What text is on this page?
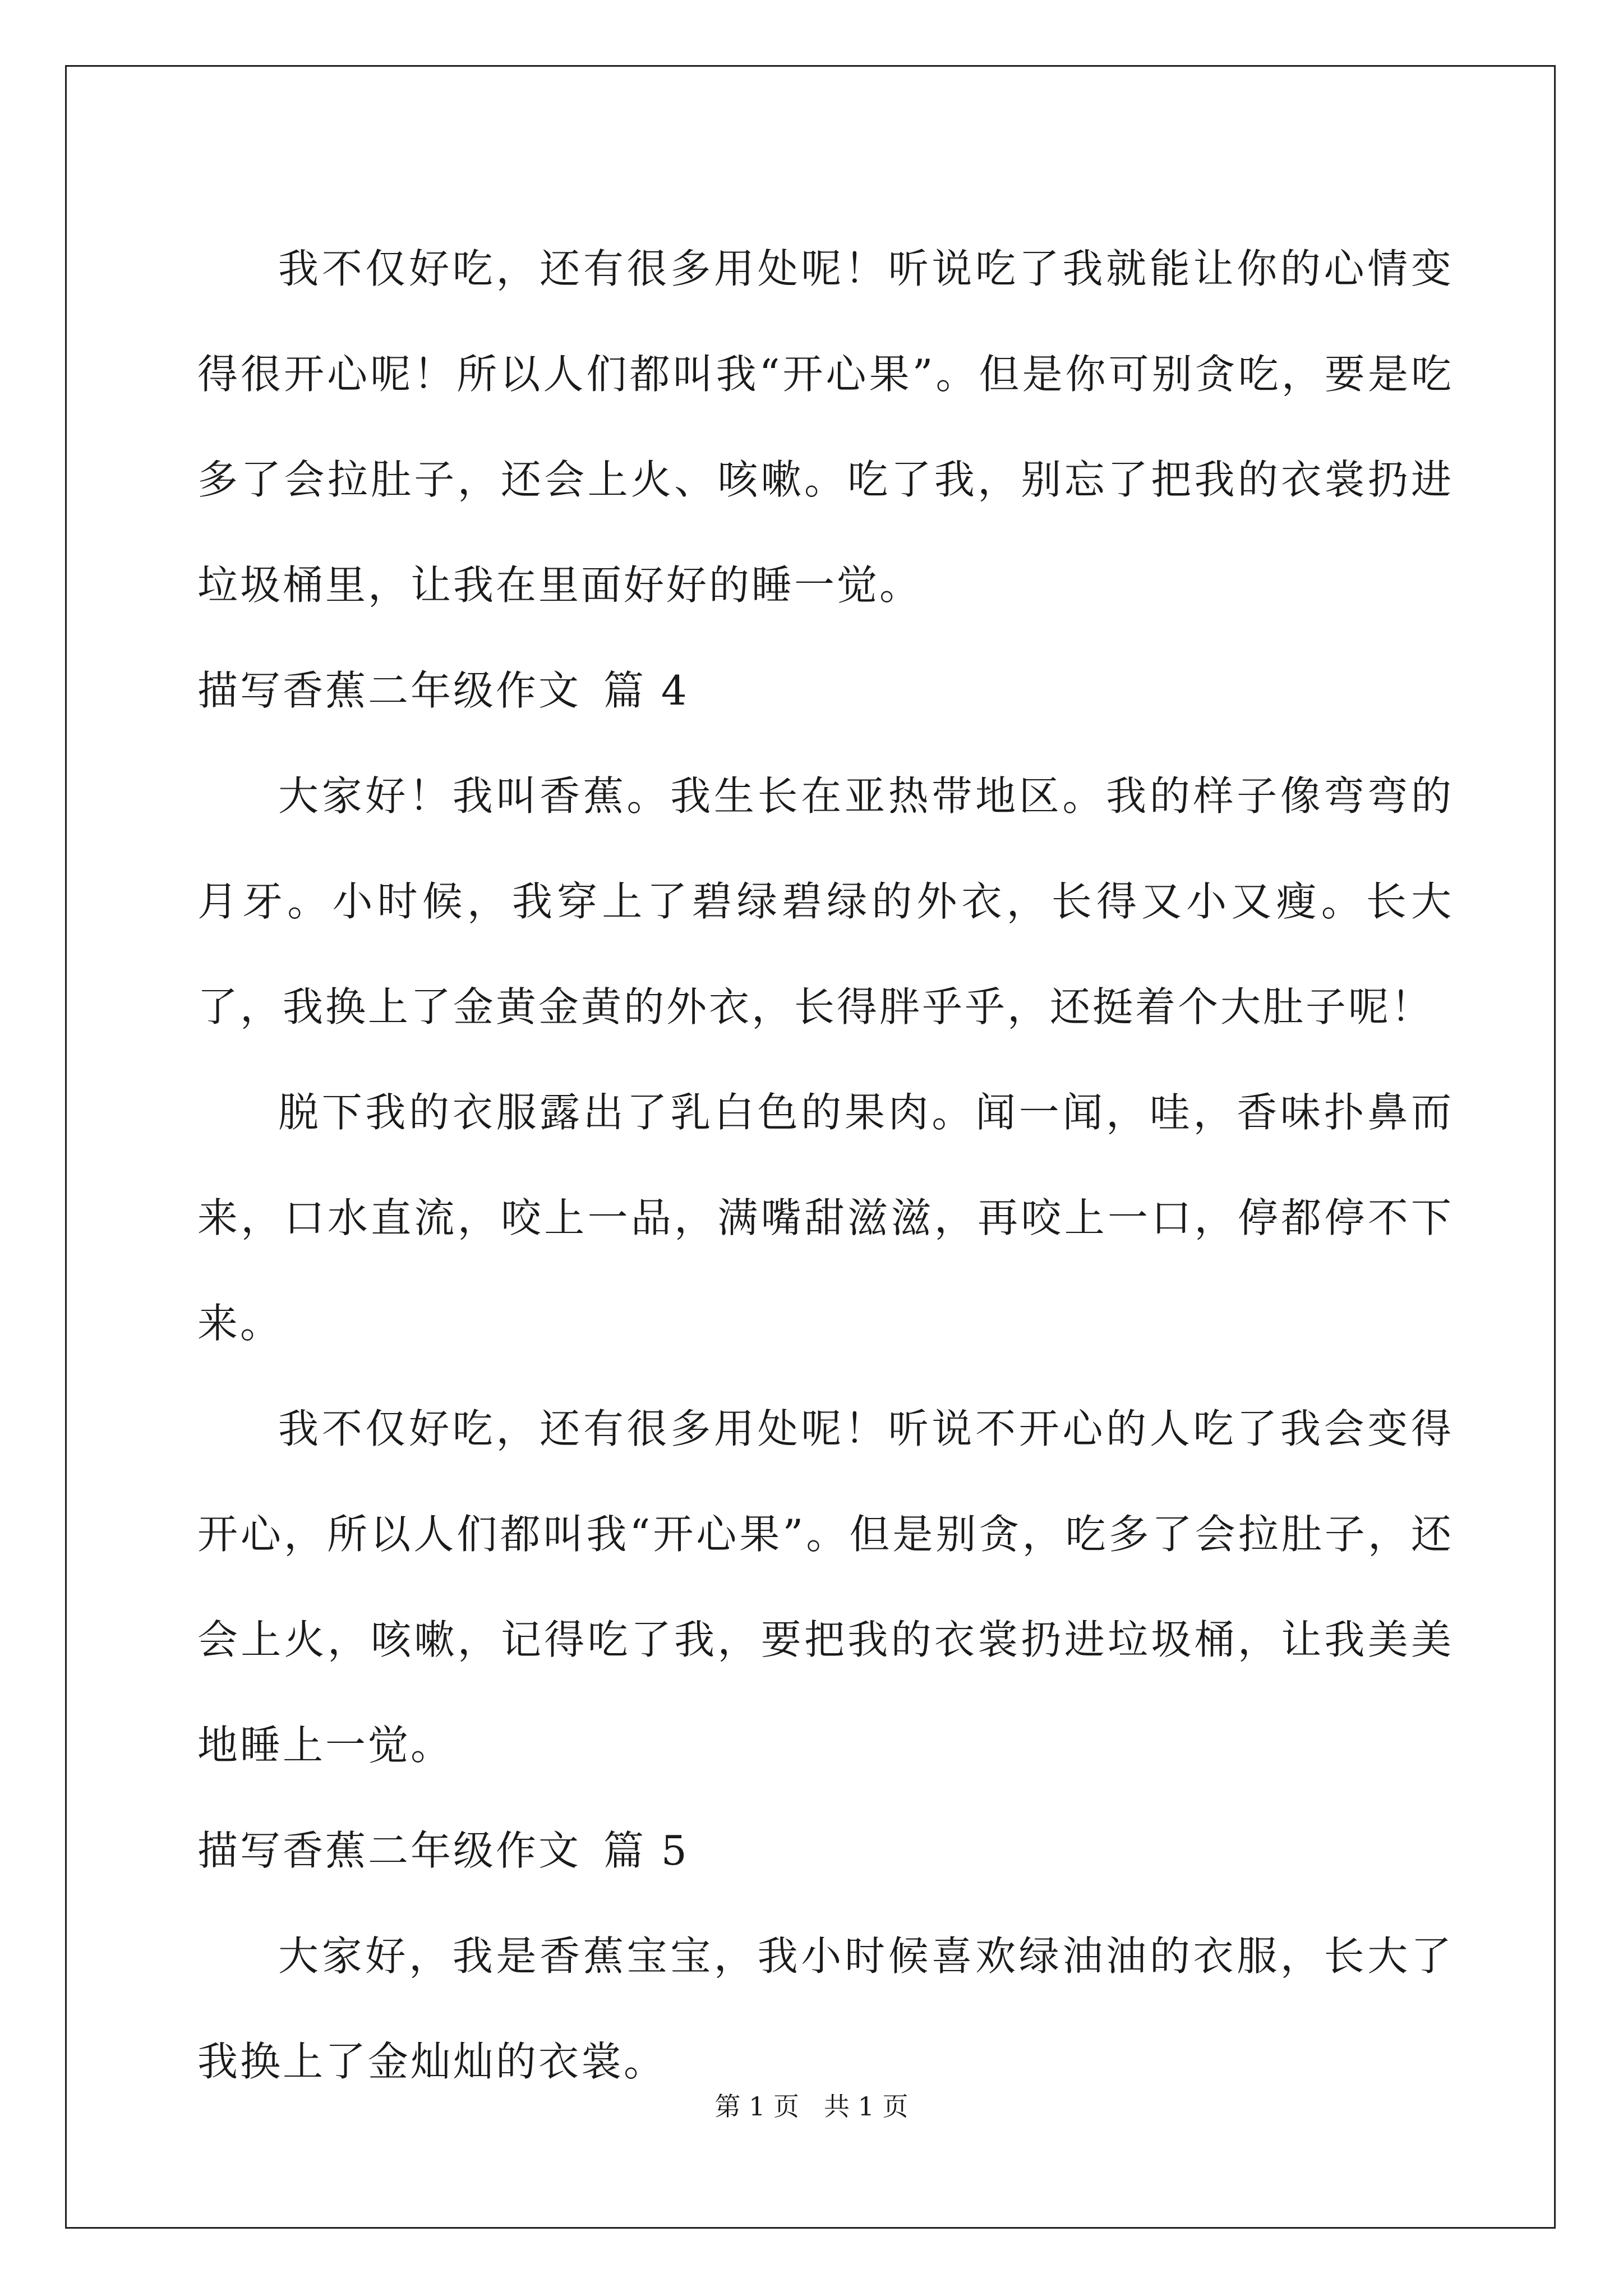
我不仅好吃，还有很多用处呢！听说吃了我就能让你的心情变得很开心呢！所以人们都叫我“开心果”。但是你可别贪吃，要是吃多了会拉肚子，还会上火、咳嗽。吃了我，别忘了把我的衣裳扔进垃圾桶里，让我在里面好好的睡一觉。

描写香蕉二年级作文 篇 4

大家好！我叫香蕉。我生长在亚热带地区。我的样子像弯弯的月牙。小时候，我穿上了碧绿碧绿的外衣，长得又小又瘦。长大了，我换上了金黄金黄的外衣，长得胖乎乎，还挺着个大肚子呢！

脱下我的衣服露出了乳白色的果肉。闻一闻，哇，香味扑鼻而来，口水直流，咬上一品，满嘴甜滋滋，再咬上一口，停都停不下来。

我不仅好吃，还有很多用处呢！听说不开心的人吃了我会变得开心，所以人们都叫我“开心果”。但是别贪，吃多了会拉肚子，还会上火，咳嗽，记得吃了我，要把我的衣裳扔进垃圾桶，让我美美地睡上一觉。

描写香蕉二年级作文 篇 5

大家好，我是香蕉宝宝，我小时候喜欢绿油油的衣服，长大了我换上了金灿灿的衣裳。

第 1 页 共 1 页
